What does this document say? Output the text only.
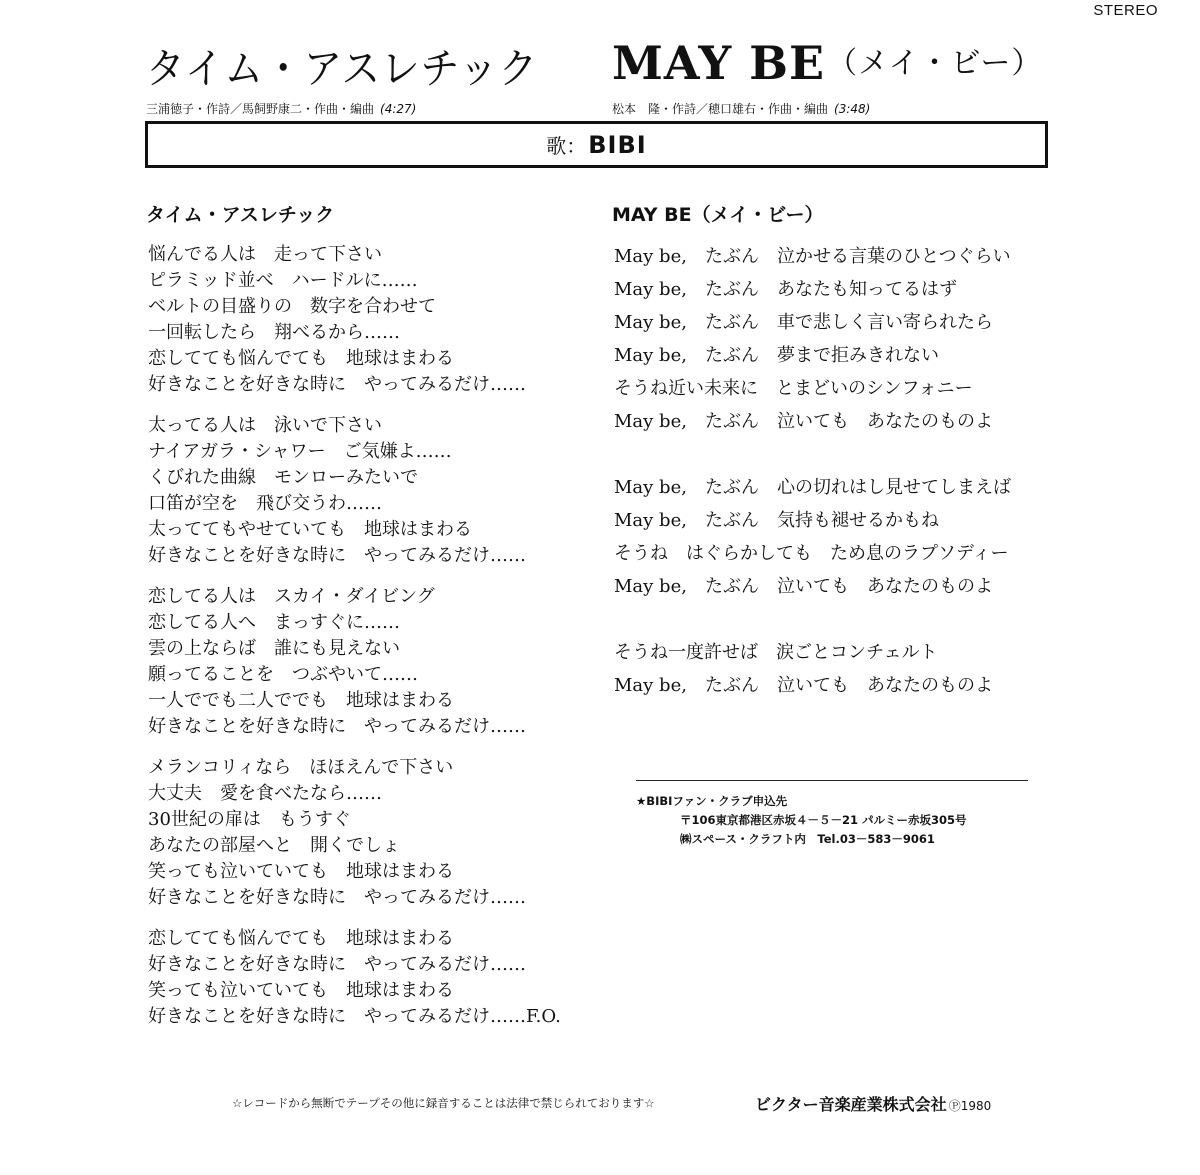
STEREO
タイム・アスレチック MAY BE（メイ・ビー）
三浦徳子・作詩／馬飼野康二・作曲・編曲 (4:27)	松本　隆・作詩／穂口雄右・作曲・編曲 (3:48)
歌： BIBI
タイム・アスレチック	MAY BE（メイ・ビー）
悩んでる人は　走って下さい
ピラミッド並べ　ハードルに……
ベルトの目盛りの　数字を合わせて
一回転したら　翔べるから……
恋してても悩んでても　地球はまわる
好きなことを好きな時に　やってみるだけ……
太ってる人は　泳いで下さい
ナイアガラ・シャワー　ご気嫌よ……
くびれた曲線　モンローみたいで
口笛が空を　飛び交うわ……
太っててもやせていても　地球はまわる
好きなことを好きな時に　やってみるだけ……
恋してる人は　スカイ・ダイビング
恋してる人へ　まっすぐに……
雲の上ならば　誰にも見えない
願ってることを　つぶやいて……
一人ででも二人ででも　地球はまわる
好きなことを好きな時に　やってみるだけ……
メランコリィなら　ほほえんで下さい
大丈夫　愛を食べたなら……
30世紀の扉は　もうすぐ
あなたの部屋へと　開くでしょ
笑っても泣いていても　地球はまわる
好きなことを好きな時に　やってみるだけ……
恋してても悩んでても　地球はまわる
好きなことを好きな時に　やってみるだけ……
笑っても泣いていても　地球はまわる
好きなことを好きな時に　やってみるだけ……F.O.
May be,　たぶん　泣かせる言葉のひとつぐらい
May be,　たぶん　あなたも知ってるはず
May be,　たぶん　車で悲しく言い寄られたら
May be,　たぶん　夢まで拒みきれない
そうね近い未来に　とまどいのシンフォニー
May be,　たぶん　泣いても　あなたのものよ
May be,　たぶん　心の切れはし見せてしまえば
May be,　たぶん　気持も褪せるかもね
そうね　はぐらかしても　ため息のラプソディー
May be,　たぶん　泣いても　あなたのものよ
そうね一度許せば　涙ごとコンチェルト
May be,　たぶん　泣いても　あなたのものよ
★BIBIファン・クラブ申込先
〒106東京都港区赤坂４－５－21 パルミー赤坂305号
㈱スペース・クラフト内　Tel.03－583－9061
☆レコードから無断でテープその他に録音することは法律で禁じられております☆	ビクター音楽産業株式会社 Ⓟ1980
